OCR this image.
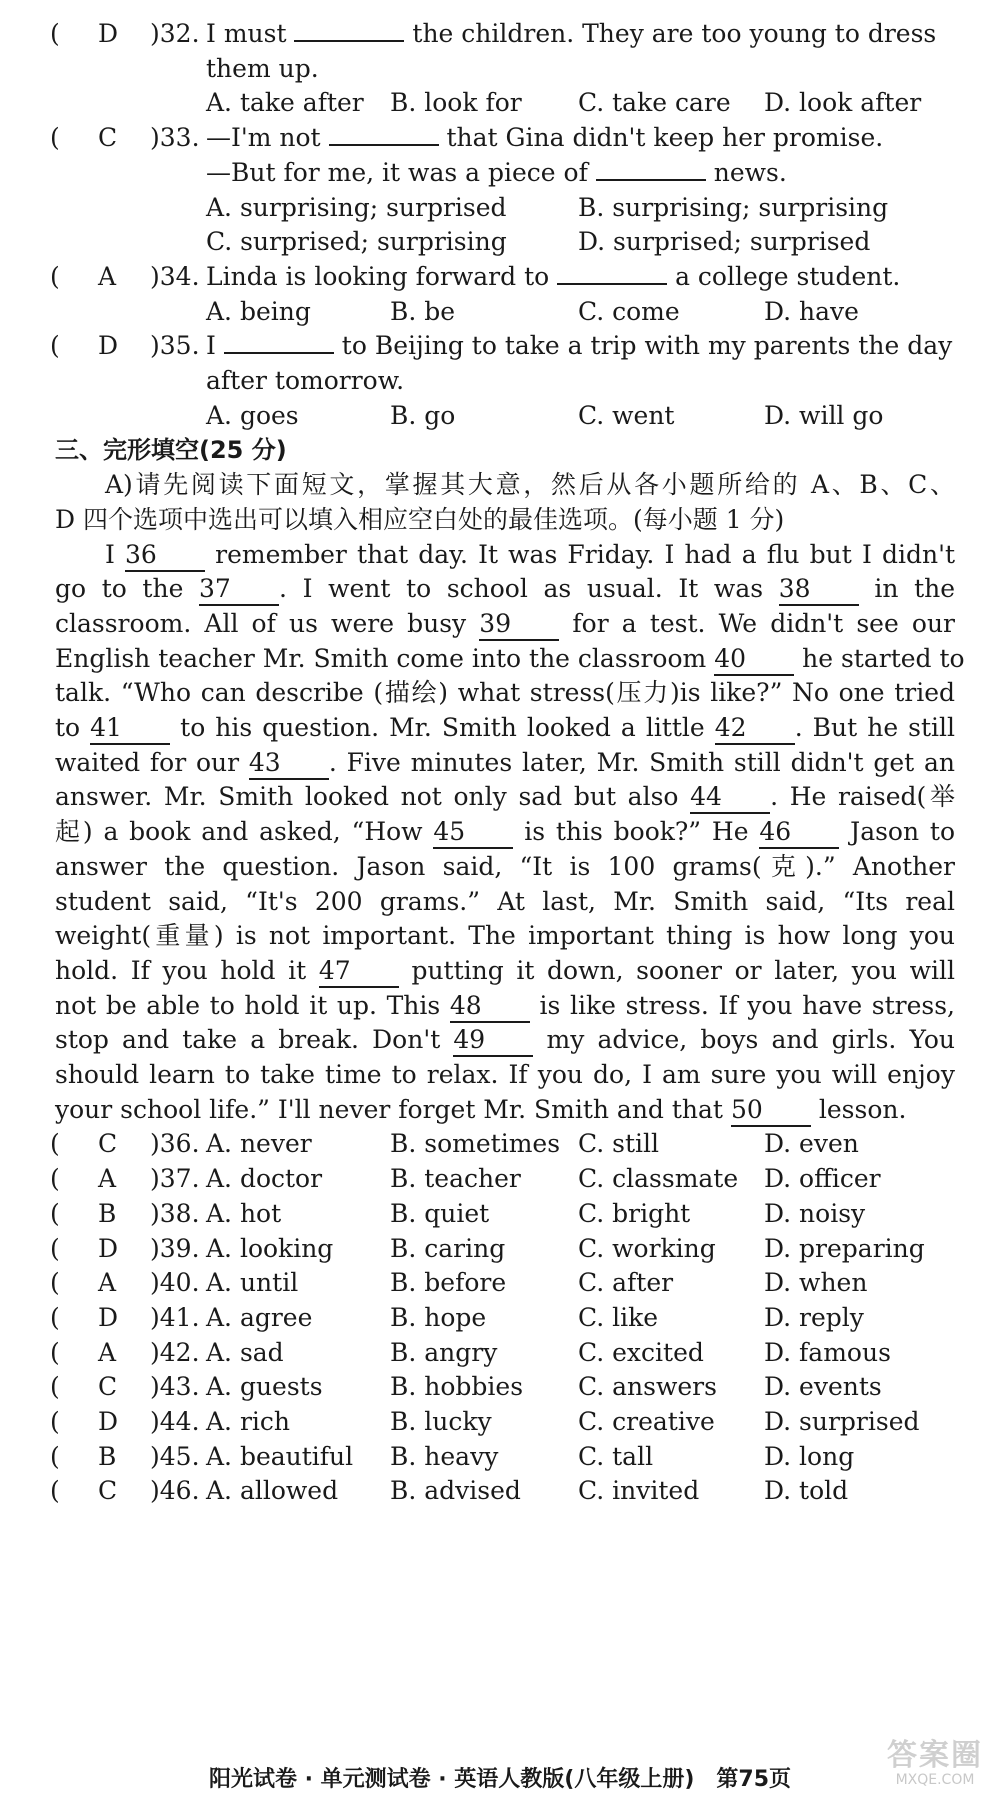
( D )32. I must	the children. They are too young to dress
them up.
A. take after B. look for C. take care D. look after
( C )33. —I'm not	that Gina didn't keep her promise.
—But for me, it was a piece of	news.
A. surprising; surprised	B. surprising; surprising
C. surprised; surprising	D. surprised; surprised
( A )34. Linda is looking forward to	a college student.
A. being	B. be	C. come	D. have
( D )35. I	to Beijing to take a trip with my parents the day
after tomorrow.
A. goes	B. go	C. went	D. will go
三、完形填空(25 分)
A)请先阅读下面短文，掌握其大意，然后从各小题所给的 A、B、C、
D 四个选项中选出可以填入相应空白处的最佳选项。(每小题 1 分)
I 36 remember that day. It was Friday. I had a flu but I didn't
go to the 37 . I went to school as usual. It was 38 in the
classroom. All of us were busy 39 for a test. We didn't see our
English teacher Mr. Smith come into the classroom 40 he started to
talk. “Who can describe (描绘) what stress(压力)is like?” No one tried
to 41 to his question. Mr. Smith looked a little 42 . But he still
waited for our 43 . Five minutes later, Mr. Smith still didn't get an
answer. Mr. Smith looked not only sad but also 44 . He raised(举
起) a book and asked, “How 45 is this book?” He 46 Jason to
answer the question. Jason said, “It is 100 grams(克).” Another
student said, “It's 200 grams.” At last, Mr. Smith said, “Its real
weight(重量) is not important. The important thing is how long you
hold. If you hold it 47 putting it down, sooner or later, you will
not be able to hold it up. This 48 is like stress. If you have stress,
stop and take a break. Don't 49 my advice, boys and girls. You
should learn to take time to relax. If you do, I am sure you will enjoy
your school life.” I'll never forget Mr. Smith and that 50 lesson.
( C )36. A. never	B. sometimes C. still	D. even
( A )37. A. doctor	B. teacher C. classmate D. officer
( B )38. A. hot	B. quiet	C. bright	D. noisy
( D )39. A. looking B. caring	C. working D. preparing
( A )40. A. until	B. before	C. after	D. when
( D )41. A. agree	B. hope	C. like	D. reply
( A )42. A. sad	B. angry	C. excited D. famous
( C )43. A. guests	B. hobbies C. answers D. events
( D )44. A. rich	B. lucky	C. creative D. surprised
( B )45. A. beautiful B. heavy	C. tall	D. long
( C )46. A. allowed B. advised C. invited	D. told
阳光试卷 · 单元测试卷 · 英语人教版(八年级上册)　第75页
答案圈
MXQE.COM
